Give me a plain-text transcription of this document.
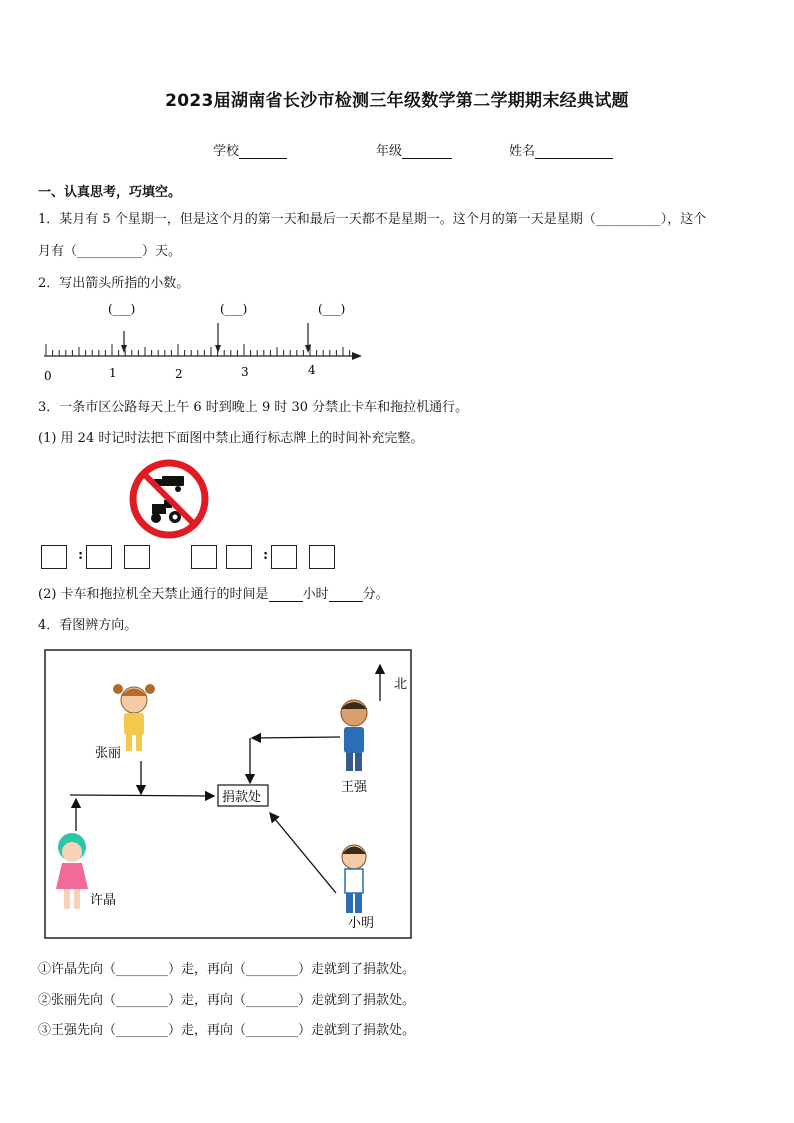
2023届湖南省长沙市检测三年级数学第二学期期末经典试题
学校	年级	姓名
一、认真思考，巧填空。
1．某月有 5 个星期一，但是这个月的第一天和最后一天都不是星期一。这个月的第一天是星期（__________），这个
月有（__________）天。
2．写出箭头所指的小数。
(___)	(___)	(___)
0	1	2	3	4
3．一条市区公路每天上午 6 时到晚上 9 时 30 分禁止卡车和拖拉机通行。
(1) 用 24 时记时法把下面图中禁止通行标志牌上的时间补充完整。
:	:
(2) 卡车和拖拉机全天禁止通行的时间是	小时	分。
4．看图辨方向。
北
捐款处
张丽
王强
许晶
小明
①许晶先向（________）走，再向（________）走就到了捐款处。
②张丽先向（________）走，再向（________）走就到了捐款处。
③王强先向（________）走，再向（________）走就到了捐款处。
